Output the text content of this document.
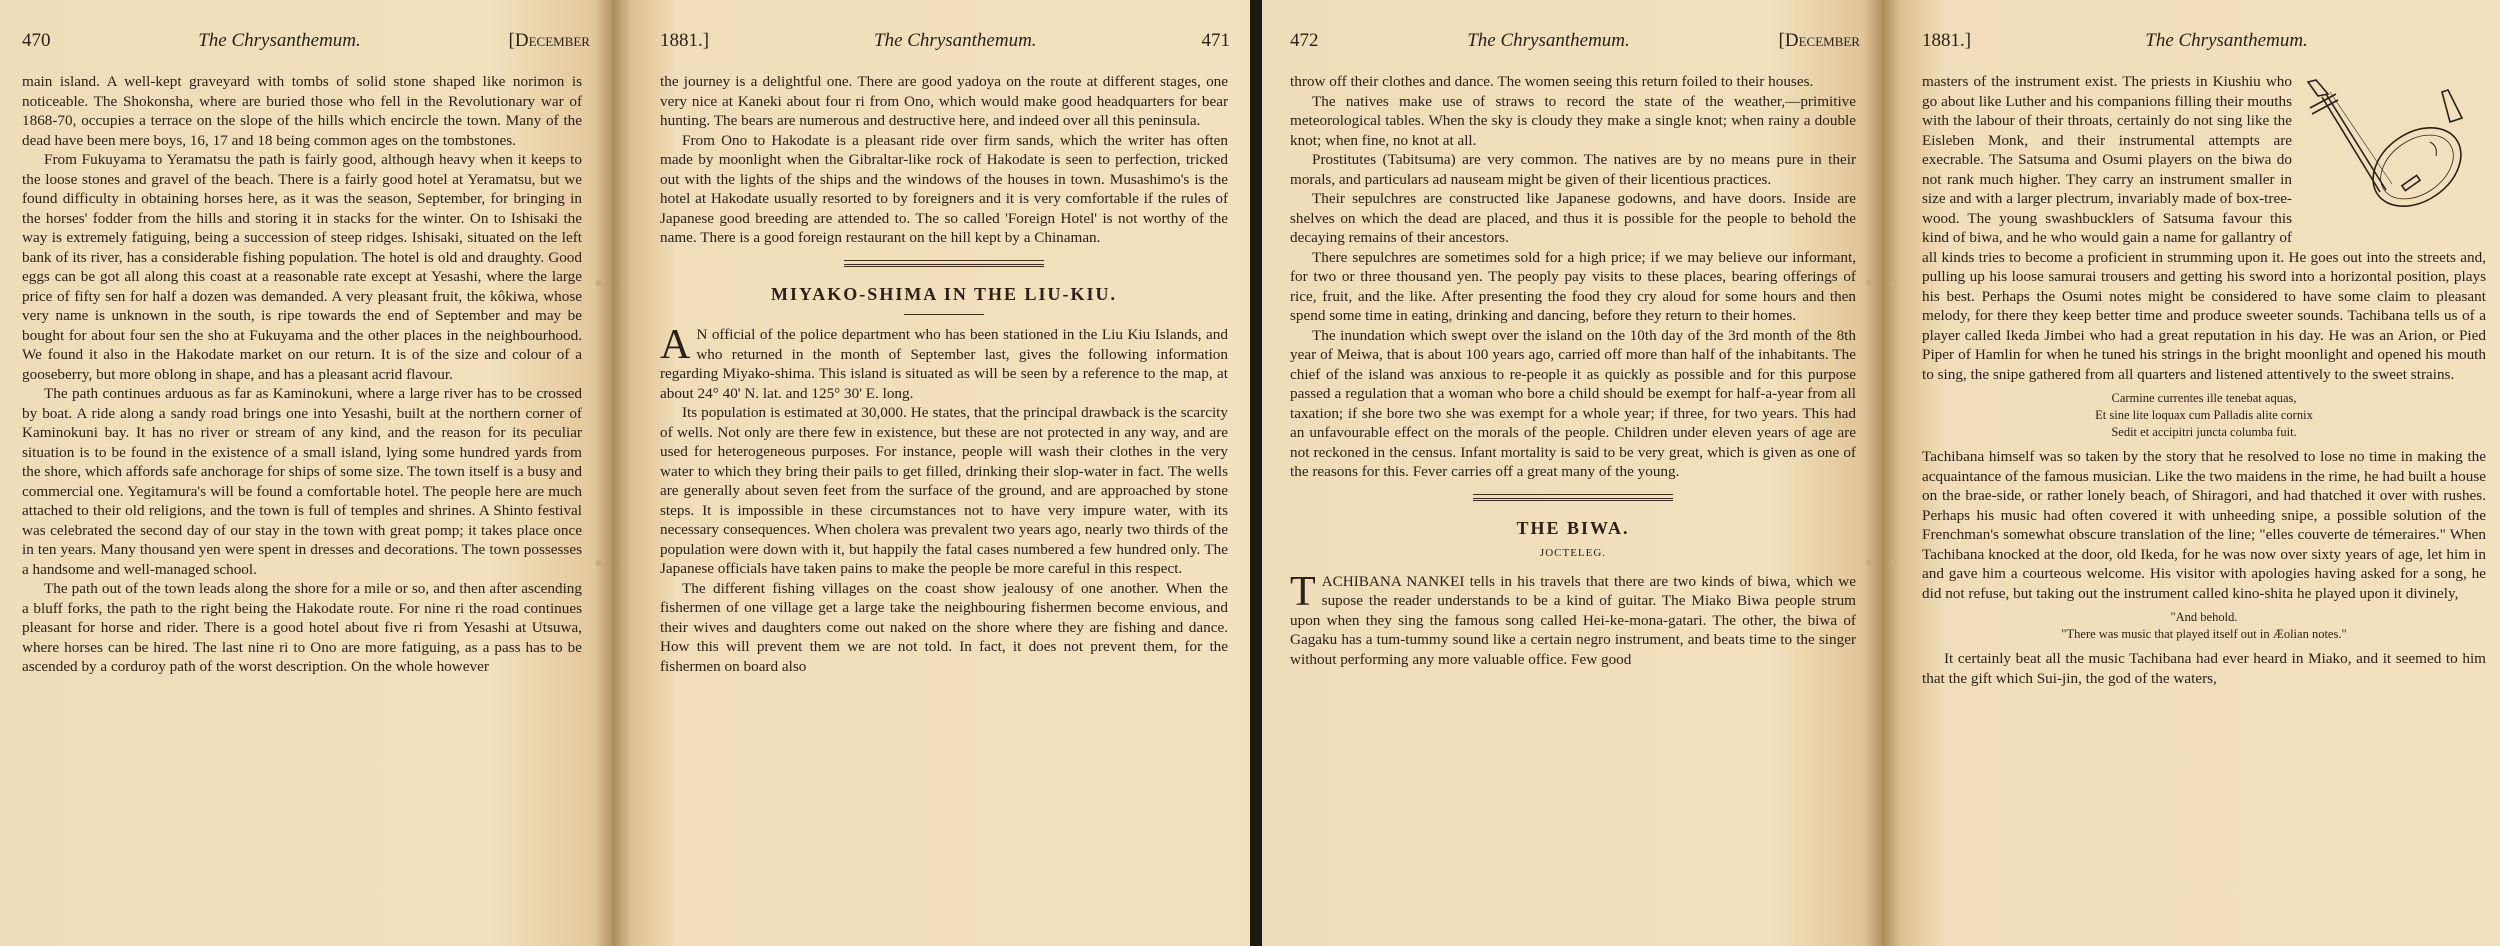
470	The Chrysanthemum.	[December

main island. A well-kept graveyard with tombs of solid stone shaped like norimon is noticeable. The Shokonsha, where are buried those who fell in the Revolutionary war of 1868-70, occupies a terrace on the slope of the hills which encircle the town. Many of the dead have been mere boys, 16, 17 and 18 being common ages on the tombstones.

From Fukuyama to Yeramatsu the path is fairly good, although heavy when it keeps to the loose stones and gravel of the beach. There is a fairly good hotel at Yeramatsu, but we found difficulty in obtaining horses here, as it was the season, September, for bringing in the horses' fodder from the hills and storing it in stacks for the winter. On to Ishisaki the way is extremely fatiguing, being a succession of steep ridges. Ishisaki, situated on the left bank of its river, has a considerable fishing population. The hotel is old and draughty. Good eggs can be got all along this coast at a reasonable rate except at Yesashi, where the large price of fifty sen for half a dozen was demanded. A very pleasant fruit, the kôkiwa, whose very name is unknown in the south, is ripe towards the end of September and may be bought for about four sen the sho at Fukuyama and the other places in the neighbourhood. We found it also in the Hakodate market on our return. It is of the size and colour of a gooseberry, but more oblong in shape, and has a pleasant acrid flavour.

The path continues arduous as far as Kaminokuni, where a large river has to be crossed by boat. A ride along a sandy road brings one into Yesashi, built at the northern corner of Kaminokuni bay. It has no river or stream of any kind, and the reason for its peculiar situation is to be found in the existence of a small island, lying some hundred yards from the shore, which affords safe anchorage for ships of some size. The town itself is a busy and commercial one. Yegitamura's will be found a comfortable hotel. The people here are much attached to their old religions, and the town is full of temples and shrines. A Shinto festival was celebrated the second day of our stay in the town with great pomp; it takes place once in ten years. Many thousand yen were spent in dresses and decorations. The town possesses a handsome and well-managed school.

The path out of the town leads along the shore for a mile or so, and then after ascending a bluff forks, the path to the right being the Hakodate route. For nine ri the road continues pleasant for horse and rider. There is a good hotel about five ri from Yesashi at Utsuwa, where horses can be hired. The last nine ri to Ono are more fatiguing, as a pass has to be ascended by a corduroy path of the worst description. On the whole however

1881.]	The Chrysanthemum.	471

the journey is a delightful one. There are good yadoya on the route at different stages, one very nice at Kaneki about four ri from Ono, which would make good headquarters for bear hunting. The bears are numerous and destructive here, and indeed over all this peninsula.

From Ono to Hakodate is a pleasant ride over firm sands, which the writer has often made by moonlight when the Gibraltar-like rock of Hakodate is seen to perfection, tricked out with the lights of the ships and the windows of the houses in town. Musashimo's is the hotel at Hakodate usually resorted to by foreigners and it is very comfortable if the rules of Japanese good breeding are attended to. The so called 'Foreign Hotel' is not worthy of the name. There is a good foreign restaurant on the hill kept by a Chinaman.

MIYAKO-SHIMA IN THE LIU-KIU.

A N official of the police department who has been stationed in the Liu Kiu Islands, and who returned in the month of September last, gives the following information regarding Miyako-shima. This island is situated as will be seen by a reference to the map, at about 24° 40' N. lat. and 125° 30' E. long.

Its population is estimated at 30,000. He states, that the principal drawback is the scarcity of wells. Not only are there few in existence, but these are not protected in any way, and are used for heterogeneous purposes. For instance, people will wash their clothes in the very water to which they bring their pails to get filled, drinking their slop-water in fact. The wells are generally about seven feet from the surface of the ground, and are approached by stone steps. It is impossible in these circumstances not to have very impure water, with its necessary consequences. When cholera was prevalent two years ago, nearly two thirds of the population were down with it, but happily the fatal cases numbered a few hundred only. The Japanese officials have taken pains to make the people be more careful in this respect.

The different fishing villages on the coast show jealousy of one another. When the fishermen of one village get a large take the neighbouring fishermen become envious, and their wives and daughters come out naked on the shore where they are fishing and dance. How this will prevent them we are not told. In fact, it does not prevent them, for the fishermen on board also

472	The Chrysanthemum.	[December

throw off their clothes and dance. The women seeing this return foiled to their houses.

The natives make use of straws to record the state of the weather,—primitive meteorological tables. When the sky is cloudy they make a single knot; when rainy a double knot; when fine, no knot at all.

Prostitutes (Tabitsuma) are very common. The natives are by no means pure in their morals, and particulars ad nauseam might be given of their licentious practices.

Their sepulchres are constructed like Japanese godowns, and have doors. Inside are shelves on which the dead are placed, and thus it is possible for the people to behold the decaying remains of their ancestors.

There sepulchres are sometimes sold for a high price; if we may believe our informant, for two or three thousand yen. The peoply pay visits to these places, bearing offerings of rice, fruit, and the like. After presenting the food they cry aloud for some hours and then spend some time in eating, drinking and dancing, before they return to their homes.

The inundation which swept over the island on the 10th day of the 3rd month of the 8th year of Meiwa, that is about 100 years ago, carried off more than half of the inhabitants. The chief of the island was anxious to re-people it as quickly as possible and for this purpose passed a regulation that a woman who bore a child should be exempt for half-a-year from all taxation; if she bore two she was exempt for a whole year; if three, for two years. This had an unfavourable effect on the morals of the people. Children under eleven years of age are not reckoned in the census. Infant mortality is said to be very great, which is given as one of the reasons for this. Fever carries off a great many of the young.

THE BIWA.
JOCTELEG.

TACHIBANA NANKEI tells in his travels that there are two kinds of biwa, which we supose the reader understands to be a kind of guitar. The Miako Biwa people strum upon when they sing the famous song called Hei-ke-mona-gatari. The other, the biwa of Gagaku has a tum-tummy sound like a certain negro instrument, and beats time to the singer without performing any more valuable office. Few good

1881.]	The Chrysanthemum.

masters of the instrument exist. The priests in Kiushiu who go about like Luther and his companions filling their mouths with the labour of their throats, certainly do not sing like the Eisleben Monk, and their instrumental attempts are execrable. The Satsuma and Osumi players on the biwa do not rank much higher. They carry an instrument smaller in size and with a larger plectrum, invariably made of box-tree-wood. The young swashbucklers of Satsuma favour this kind of biwa, and he who would gain a name for gallantry of all kinds tries to become a proficient in strumming upon it. He goes out into the streets and, pulling up his loose samurai trousers and getting his sword into a horizontal position, plays his best. Perhaps the Osumi notes might be considered to have some claim to pleasant melody, for there they keep better time and produce sweeter sounds. Tachibana tells us of a player called Ikeda Jimbei who had a great reputation in his day. He was an Arion, or Pied Piper of Hamlin for when he tuned his strings in the bright moonlight and opened his mouth to sing, the snipe gathered from all quarters and listened attentively to the sweet strains.

Carmine currentes ille tenebat aquas,
Et sine lite loquax cum Palladis alite cornix
Sedit et accipitri juncta columba fuit.

Tachibana himself was so taken by the story that he resolved to lose no time in making the acquaintance of the famous musician. Like the two maidens in the rime, he had built a house on the brae-side, or rather lonely beach, of Shiragori, and had thatched it over with rushes. Perhaps his music had often covered it with unheeding snipe, a possible solution of the Frenchman's somewhat obscure translation of the line; "elles couverte de témeraires." When Tachibana knocked at the door, old Ikeda, for he was now over sixty years of age, let him in and gave him a courteous welcome. His visitor with apologies having asked for a song, he did not refuse, but taking out the instrument called kino-shita he played upon it divinely,

"And behold.
"There was music that played itself out in Æolian notes."

It certainly beat all the music Tachibana had ever heard in Miako, and it seemed to him that the gift which Sui-jin, the god of the waters,
